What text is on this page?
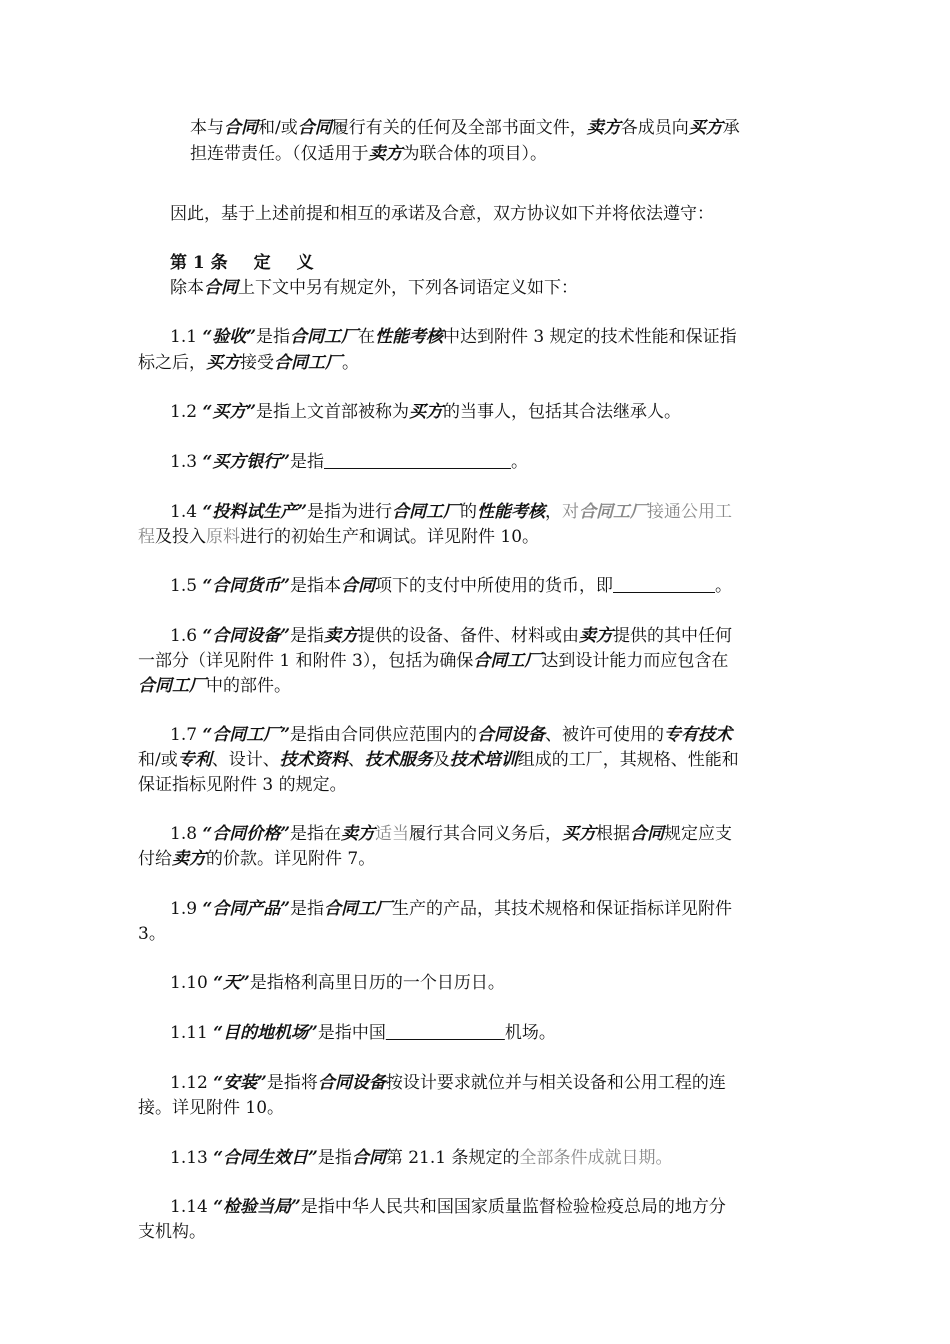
本与合同和/或合同履行有关的任何及全部书面文件，卖方各成员向买方承
担连带责任。（仅适用于卖方为联合体的项目）。
因此，基于上述前提和相互的承诺及合意，双方协议如下并将依法遵守：
第 1 条 定 义
除本合同上下文中另有规定外，下列各词语定义如下：
1.1 “验收”是指合同工厂在性能考核中达到附件 3 规定的技术性能和保证指
标之后，买方接受合同工厂。
1.2 “买方”是指上文首部被称为买方的当事人，包括其合法继承人。
1.3 “买方银行”是指　　　　　　　　　　　	。
1.4 “投料试生产”是指为进行合同工厂的性能考核，对合同工厂接通公用工
程及投入原料进行的初始生产和调试。详见附件 10。
1.5 “合同货币”是指本合同项下的支付中所使用的货币，即　　　　　　	。
1.6 “合同设备”是指卖方提供的设备、备件、材料或由卖方提供的其中任何
一部分（详见附件 1 和附件 3），包括为确保合同工厂达到设计能力而应包含在
合同工厂中的部件。
1.7 “合同工厂”是指由合同供应范围内的合同设备、被许可使用的专有技术
和/或专利、设计、技术资料、技术服务及技术培训组成的工厂，其规格、性能和
保证指标见附件 3 的规定。
1.8 “合同价格”是指在卖方适当履行其合同义务后，买方根据合同规定应支
付给卖方的价款。详见附件 7。
1.9 “合同产品”是指合同工厂生产的产品，其技术规格和保证指标详见附件
3。
1.10 “天”是指格利高里日历的一个日历日。
1.11 “目的地机场”是指中国　　　　　　　	机场。
1.12 “安装”是指将合同设备按设计要求就位并与相关设备和公用工程的连
接。详见附件 10。
1.13 “合同生效日”是指合同第 21.1 条规定的全部条件成就日期。
1.14 “检验当局”是指中华人民共和国国家质量监督检验检疫总局的地方分
支机构。
